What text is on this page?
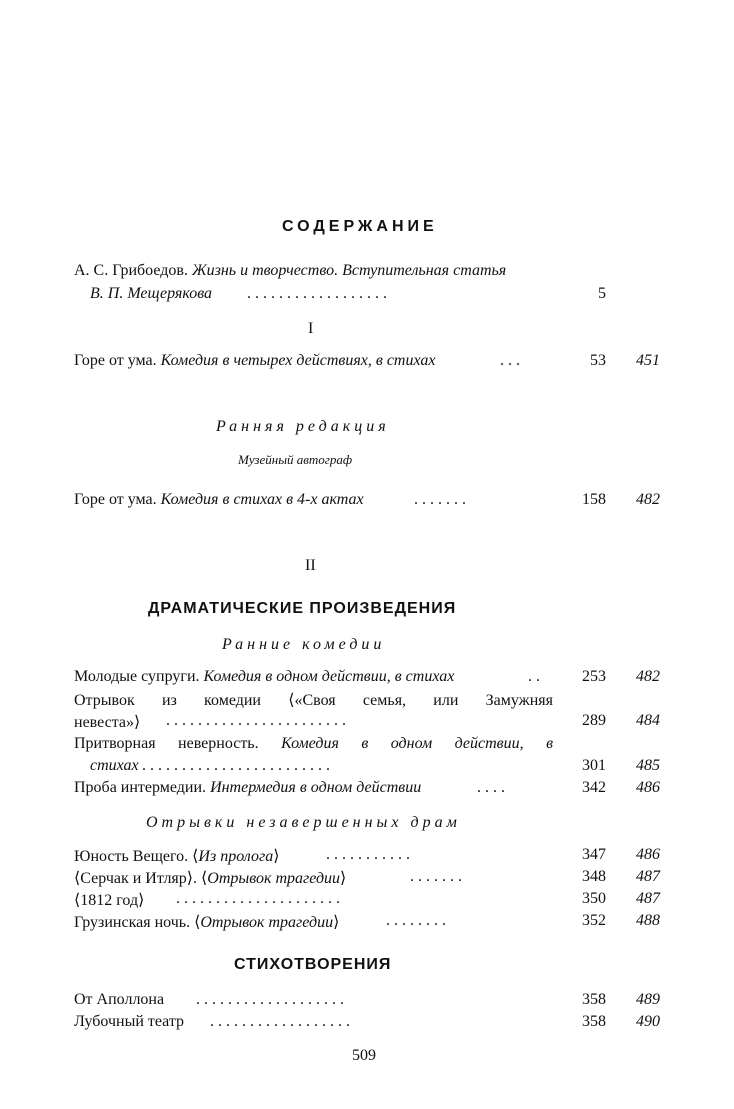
СОДЕРЖАНИЕ
А. С. Грибоедов. Жизнь и творчество. Вступительная статья
В. П. Мещерякова . . . . . . . . . . . . . . . . . .	5
I
Горе от ума. Комедия в четырех действиях, в стихах	. . .	53	451
Ранняя редакция
Музейный автограф
Горе от ума. Комедия в стихах в 4-х актах	. . . . . . .	158	482
II
ДРАМАТИЧЕСКИЕ ПРОИЗВЕДЕНИЯ
Ранние комедии
Молодые супруги. Комедия в одном действии, в стихах	. .	253	482
Отрывок из комедии ⟨«Своя семья, или Замужняя
невеста»⟩ . . . . . . . . . . . . . . . . . . . . . . .	289	484
Притворная неверность. Комедия в одном действии, в
стихах . . . . . . . . . . . . . . . . . . . . . . . .	301	485
Проба интермедии. Интермедия в одном действии	. . . .	342	486
Отрывки незавершенных драм
Юность Вещего. ⟨Из пролога⟩	. . . . . . . . . . .	347	486
⟨Серчак и Итляр⟩. ⟨Отрывок трагедии⟩	. . . . . . .	348	487
⟨1812 год⟩ . . . . . . . . . . . . . . . . . . . . .	350	487
Грузинская ночь. ⟨Отрывок трагедии⟩	. . . . . . . .	352	488
СТИХОТВОРЕНИЯ
От Аполлона . . . . . . . . . . . . . . . . . . .	358	489
Лубочный театр . . . . . . . . . . . . . . . . . .	358	490
509
